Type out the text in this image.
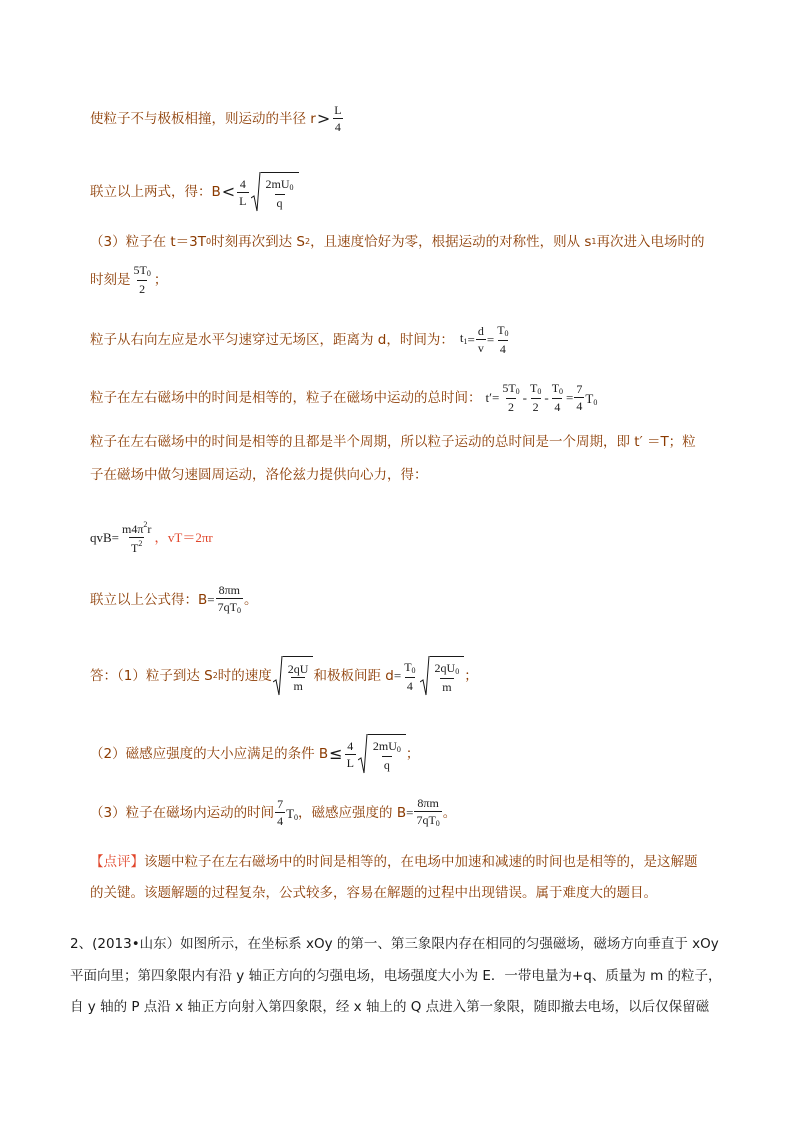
使粒子不与极板相撞，则运动的半径 $r > \frac{L}{4}$
联立以上两式，得：$B < \frac{4}{L} \frac{2mU_0}{q}$
（3）粒子在 t＝3T 0 时刻再次到达 S 2 ，且速度恰好为零，根据运动的对称性，则从 s 1 再次进入电场时的
时刻是 $\frac{5T_0}{2}$ ；
粒子从右向左应是水平匀速穿过无场区，距离为 d，时间为： $t_1 = \frac{d}{v} = \frac{T_0}{4}$
粒子在左右磁场中的时间是相等的，粒子在磁场中运动的总时间： $t' = \frac{5T_0}{2} - \frac{T_0}{2} - \frac{T_0}{4} = \frac{7}{4} T_0$
粒子在左右磁场中的时间是相等的且都是半个周期，所以粒子运动的总时间是一个周期，即 t′ ＝T；粒
子在磁场中做匀速圆周运动，洛伦兹力提供向心力，得：
qvB = $\frac{m4\pi^2r}{T^2}$ ， vT＝2πr
联立以上公式得：$B = \frac{8\pi m}{7qT_0}$ 。
答：（1）粒子到达 S 2 时的速度 $\frac{2qU}{m}$ 和极板间距 $d = \frac{T_0}{4} \frac{2qU_0}{m}$ ；
（2）磁感应强度的大小应满足的条件 $B \le \frac{4}{L} \frac{2mU_0}{q}$ ；
（3）粒子在磁场内运动的时间 $\frac{7}{4} T_0$ ，磁感应强度的 $B = \frac{8\pi m}{7qT_0}$ 。
【点评】 该题中粒子在左右磁场中的时间是相等的，在电场中加速和减速的时间也是相等的，是这解题
的关键。该题解题的过程复杂，公式较多，容易在解题的过程中出现错误。属于难度大的题目。
2、(2013•山东）如图所示，在坐标系 xOy 的第一、第三象限内存在相同的匀强磁场，磁场方向垂直于 xOy
平面向里；第四象限内有沿 y 轴正方向的匀强电场，电场强度大小为 E．一带电量为+q、质量为 m 的粒子，
自 y 轴的 P 点沿 x 轴正方向射入第四象限，经 x 轴上的 Q 点进入第一象限，随即撤去电场，以后仅保留磁
